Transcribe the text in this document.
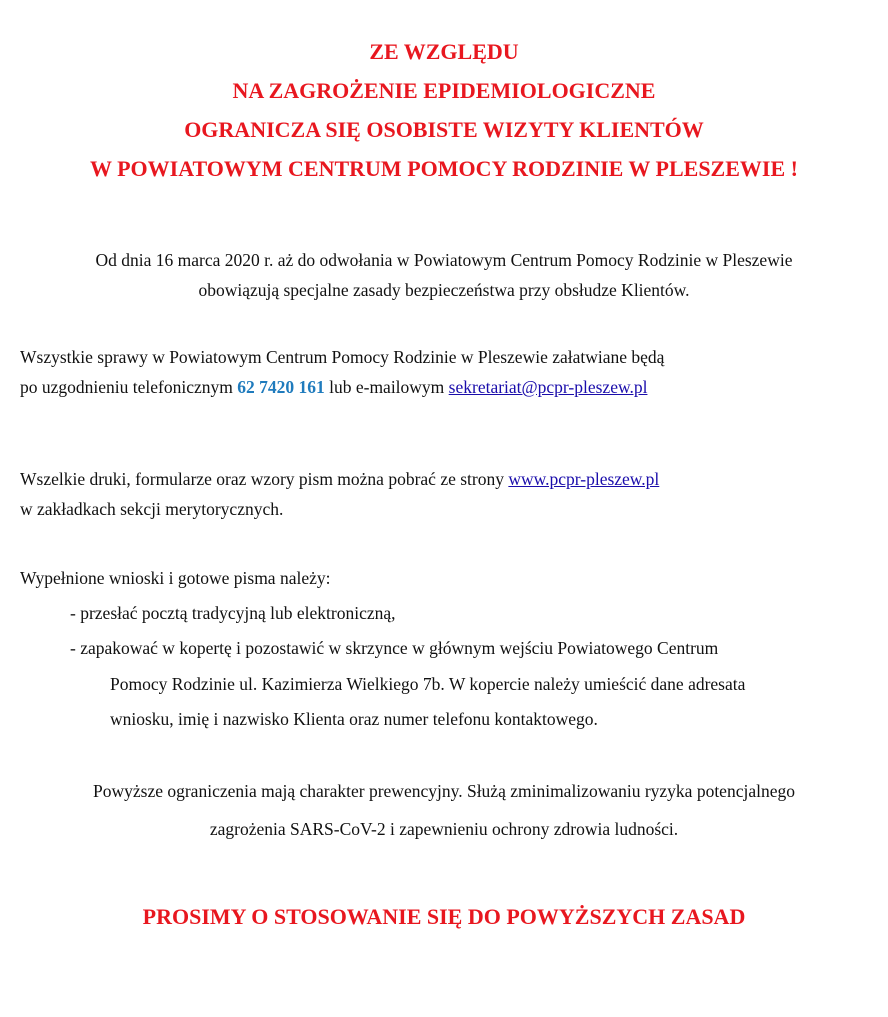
ZE WZGLĘDU
NA ZAGROŻENIE EPIDEMIOLOGICZNE
OGRANICZA SIĘ OSOBISTE WIZYTY KLIENTÓW
W POWIATOWYM CENTRUM POMOCY RODZINIE W PLESZEWIE !
Od dnia 16 marca 2020 r. aż do odwołania w Powiatowym Centrum Pomocy Rodzinie w Pleszewie
obowiązują specjalne zasady bezpieczeństwa przy obsłudze Klientów.
Wszystkie sprawy w Powiatowym Centrum Pomocy Rodzinie w Pleszewie załatwiane będą
po uzgodnieniu telefonicznym 62 7420 161 lub e-mailowym sekretariat@pcpr-pleszew.pl
Wszelkie druki, formularze oraz wzory pism można pobrać ze strony www.pcpr-pleszew.pl
w zakładkach sekcji merytorycznych.
Wypełnione wnioski i gotowe pisma należy:
- przesłać pocztą tradycyjną lub elektroniczną,
- zapakować w kopertę i pozostawić w skrzynce w głównym wejściu Powiatowego Centrum
Pomocy Rodzinie ul. Kazimierza Wielkiego 7b. W kopercie należy umieścić dane adresata
wniosku, imię i nazwisko Klienta oraz numer telefonu kontaktowego.
Powyższe ograniczenia mają charakter prewencyjny. Służą zminimalizowaniu ryzyka potencjalnego
zagrożenia SARS-CoV-2 i zapewnieniu ochrony zdrowia ludności.
PROSIMY O STOSOWANIE SIĘ DO POWYŻSZYCH ZASAD
